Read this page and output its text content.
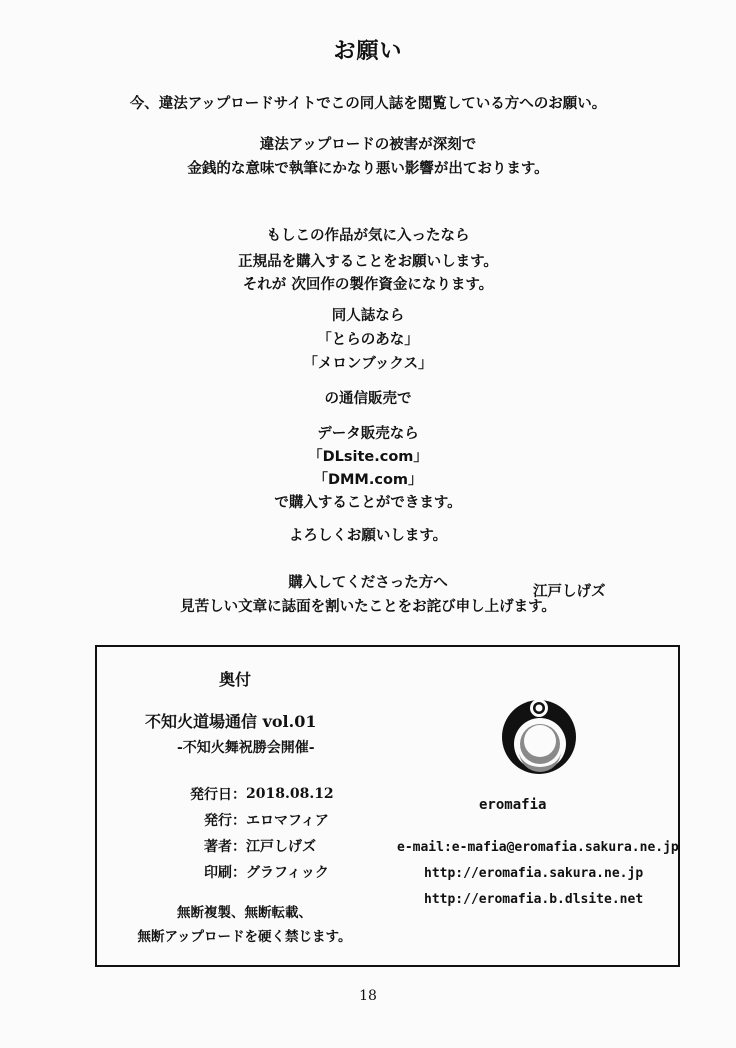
お願い
今、違法アップロードサイトでこの同人誌を閲覧している方へのお願い。
違法アップロードの被害が深刻で
金銭的な意味で執筆にかなり悪い影響が出ております。
もしこの作品が気に入ったなら
正規品を購入することをお願いします。
それが 次回作の製作資金になります。
同人誌なら
「とらのあな」
「メロンブックス」
の通信販売で
データ販売なら
「DLsite.com」
「DMM.com」
で購入することができます。
よろしくお願いします。
購入してくださった方へ
見苦しい文章に誌面を割いたことをお詫び申し上げます。
江戸しげズ
奥付
不知火道場通信 vol.01
-不知火舞祝勝会開催-
発行日 ： 2018.08.12
発行 ： エロマフィア
著者 ： 江戸しげズ
印刷 ： グラフィック
無断複製、無断転載、
無断アップロードを硬く禁じます。
eromafia
e-mail:e-mafia@eromafia.sakura.ne.jp
http://eromafia.sakura.ne.jp
http://eromafia.b.dlsite.net
18
